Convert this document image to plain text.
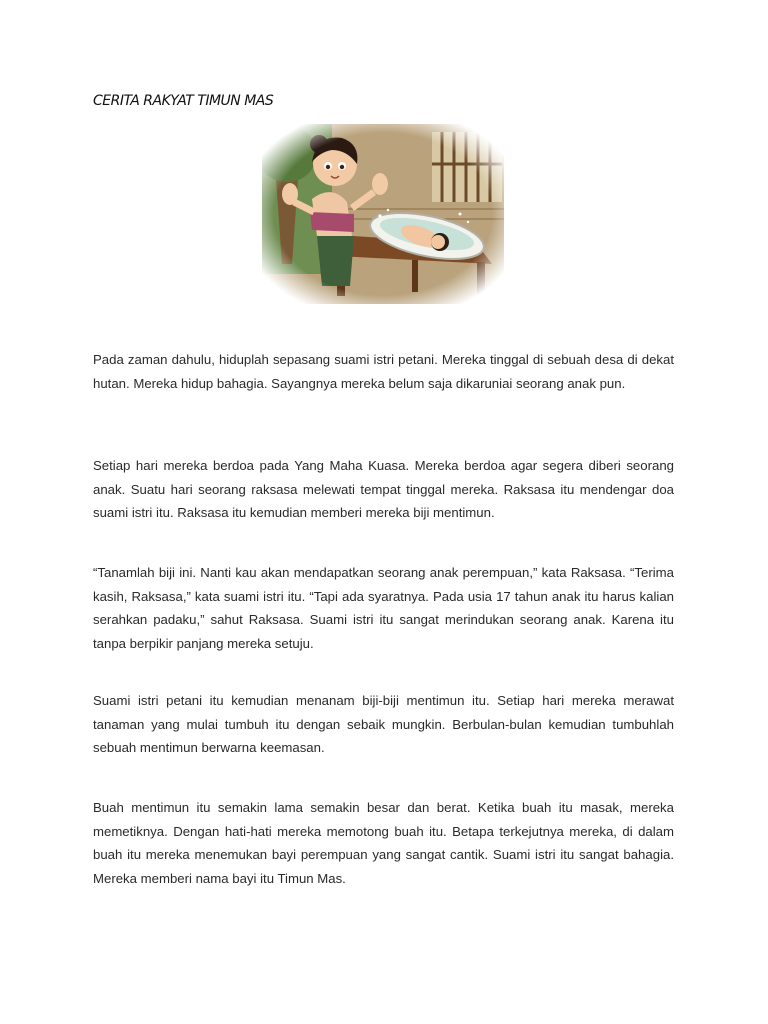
CERITA RAKYAT TIMUN MAS

Pada zaman dahulu, hiduplah sepasang suami istri petani. Mereka tinggal di sebuah desa di dekat hutan. Mereka hidup bahagia. Sayangnya mereka belum saja dikaruniai seorang anak pun.

Setiap hari mereka berdoa pada Yang Maha Kuasa. Mereka berdoa agar segera diberi seorang anak. Suatu hari seorang raksasa melewati tempat tinggal mereka. Raksasa itu mendengar doa suami istri itu. Raksasa itu kemudian memberi mereka biji mentimun.

“Tanamlah biji ini. Nanti kau akan mendapatkan seorang anak perempuan,” kata Raksasa. “Terima kasih, Raksasa,” kata suami istri itu. “Tapi ada syaratnya. Pada usia 17 tahun anak itu harus kalian serahkan padaku,” sahut Raksasa. Suami istri itu sangat merindukan seorang anak. Karena itu tanpa berpikir panjang mereka setuju.

Suami istri petani itu kemudian menanam biji-biji mentimun itu. Setiap hari mereka merawat tanaman yang mulai tumbuh itu dengan sebaik mungkin. Berbulan-bulan kemudian tumbuhlah sebuah mentimun berwarna keemasan.

Buah mentimun itu semakin lama semakin besar dan berat. Ketika buah itu masak, mereka memetiknya. Dengan hati-hati mereka memotong buah itu. Betapa terkejutnya mereka, di dalam buah itu mereka menemukan bayi perempuan yang sangat cantik. Suami istri itu sangat bahagia. Mereka memberi nama bayi itu Timun Mas.
